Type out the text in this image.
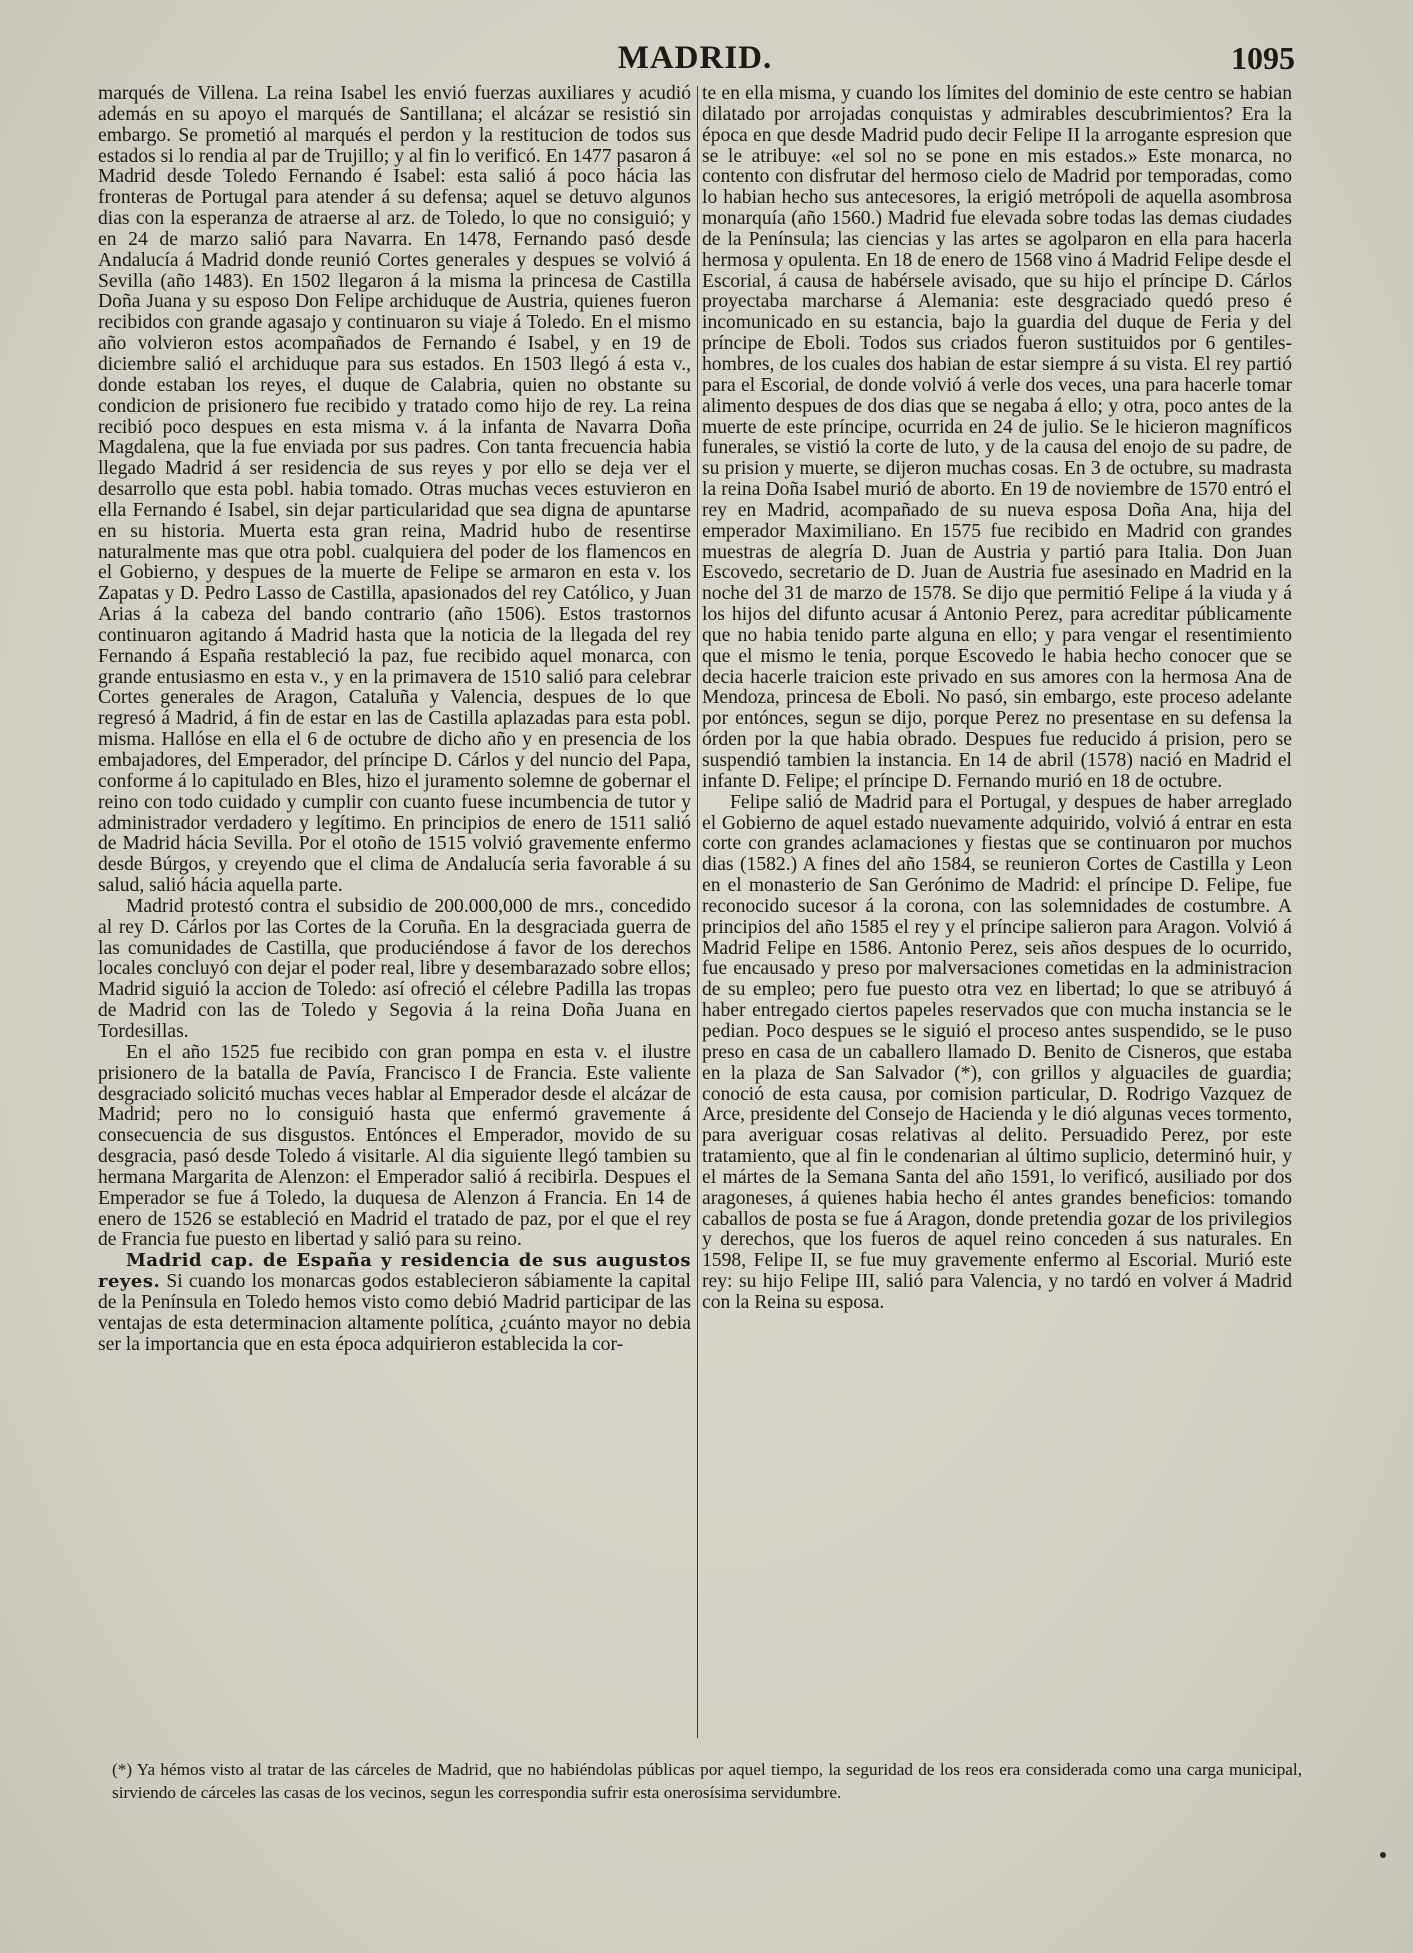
MADRID.	1095

marqués de Villena. La reina Isabel les envió fuerzas auxiliares y acudió además en su apoyo el marqués de Santillana; el alcázar se resistió sin embargo. Se prometió al marqués el perdon y la restitucion de todos sus estados si lo rendia al par de Trujillo; y al fin lo verificó. En 1477 pasaron á Madrid desde Toledo Fernando é Isabel: esta salió á poco hácia las fronteras de Portugal para atender á su defensa; aquel se detuvo algunos dias con la esperanza de atraerse al arz. de Toledo, lo que no consiguió; y en 24 de marzo salió para Navarra. En 1478, Fernando pasó desde Andalucía á Madrid donde reunió Cortes generales y despues se volvió á Sevilla (año 1483). En 1502 llegaron á la misma la princesa de Castilla Doña Juana y su esposo Don Felipe archiduque de Austria, quienes fueron recibidos con grande agasajo y continuaron su viaje á Toledo. En el mismo año volvieron estos acompañados de Fernando é Isabel, y en 19 de diciembre salió el archiduque para sus estados. En 1503 llegó á esta v., donde estaban los reyes, el duque de Calabria, quien no obstante su condicion de prisionero fue recibido y tratado como hijo de rey. La reina recibió poco despues en esta misma v. á la infanta de Navarra Doña Magdalena, que la fue enviada por sus padres. Con tanta frecuencia habia llegado Madrid á ser residencia de sus reyes y por ello se deja ver el desarrollo que esta pobl. habia tomado. Otras muchas veces estuvieron en ella Fernando é Isabel, sin dejar particularidad que sea digna de apuntarse en su historia. Muerta esta gran reina, Madrid hubo de resentirse naturalmente mas que otra pobl. cualquiera del poder de los flamencos en el Gobierno, y despues de la muerte de Felipe se armaron en esta v. los Zapatas y D. Pedro Lasso de Castilla, apasionados del rey Católico, y Juan Arias á la cabeza del bando contrario (año 1506). Estos trastornos continuaron agitando á Madrid hasta que la noticia de la llegada del rey Fernando á España restableció la paz, fue recibido aquel monarca, con grande entusiasmo en esta v., y en la primavera de 1510 salió para celebrar Cortes generales de Aragon, Cataluña y Valencia, despues de lo que regresó á Madrid, á fin de estar en las de Castilla aplazadas para esta pobl. misma. Hallóse en ella el 6 de octubre de dicho año y en presencia de los embajadores, del Emperador, del príncipe D. Cárlos y del nuncio del Papa, conforme á lo capitulado en Bles, hizo el juramento solemne de gobernar el reino con todo cuidado y cumplir con cuanto fuese incumbencia de tutor y administrador verdadero y legítimo. En principios de enero de 1511 salió de Madrid hácia Sevilla. Por el otoño de 1515 volvió gravemente enfermo desde Búrgos, y creyendo que el clima de Andalucía seria favorable á su salud, salió hácia aquella parte.

Madrid protestó contra el subsidio de 200.000,000 de mrs., concedido al rey D. Cárlos por las Cortes de la Coruña. En la desgraciada guerra de las comunidades de Castilla, que produciéndose á favor de los derechos locales concluyó con dejar el poder real, libre y desembarazado sobre ellos; Madrid siguió la accion de Toledo: así ofreció el célebre Padilla las tropas de Madrid con las de Toledo y Segovia á la reina Doña Juana en Tordesillas.

En el año 1525 fue recibido con gran pompa en esta v. el ilustre prisionero de la batalla de Pavía, Francisco I de Francia. Este valiente desgraciado solicitó muchas veces hablar al Emperador desde el alcázar de Madrid; pero no lo consiguió hasta que enfermó gravemente á consecuencia de sus disgustos. Entónces el Emperador, movido de su desgracia, pasó desde Toledo á visitarle. Al dia siguiente llegó tambien su hermana Margarita de Alenzon: el Emperador salió á recibirla. Despues el Emperador se fue á Toledo, la duquesa de Alenzon á Francia. En 14 de enero de 1526 se estableció en Madrid el tratado de paz, por el que el rey de Francia fue puesto en libertad y salió para su reino.

Madrid cap. de España y residencia de sus augustos reyes. Si cuando los monarcas godos establecieron sábiamente la capital de la Península en Toledo hemos visto como debió Madrid participar de las ventajas de esta determinacion altamente política, ¿cuánto mayor no debia ser la importancia que en esta época adquirieron establecida la cor-

te en ella misma, y cuando los límites del dominio de este centro se habian dilatado por arrojadas conquistas y admirables descubrimientos? Era la época en que desde Madrid pudo decir Felipe II la arrogante espresion que se le atribuye: «el sol no se pone en mis estados.» Este monarca, no contento con disfrutar del hermoso cielo de Madrid por temporadas, como lo habian hecho sus antecesores, la erigió metrópoli de aquella asombrosa monarquía (año 1560.) Madrid fue elevada sobre todas las demas ciudades de la Península; las ciencias y las artes se agolparon en ella para hacerla hermosa y opulenta. En 18 de enero de 1568 vino á Madrid Felipe desde el Escorial, á causa de habérsele avisado, que su hijo el príncipe D. Cárlos proyectaba marcharse á Alemania: este desgraciado quedó preso é incomunicado en su estancia, bajo la guardia del duque de Feria y del príncipe de Eboli. Todos sus criados fueron sustituidos por 6 gentiles-hombres, de los cuales dos habian de estar siempre á su vista. El rey partió para el Escorial, de donde volvió á verle dos veces, una para hacerle tomar alimento despues de dos dias que se negaba á ello; y otra, poco antes de la muerte de este príncipe, ocurrida en 24 de julio. Se le hicieron magníficos funerales, se vistió la corte de luto, y de la causa del enojo de su padre, de su prision y muerte, se dijeron muchas cosas. En 3 de octubre, su madrasta la reina Doña Isabel murió de aborto. En 19 de noviembre de 1570 entró el rey en Madrid, acompañado de su nueva esposa Doña Ana, hija del emperador Maximiliano. En 1575 fue recibido en Madrid con grandes muestras de alegría D. Juan de Austria y partió para Italia. Don Juan Escovedo, secretario de D. Juan de Austria fue asesinado en Madrid en la noche del 31 de marzo de 1578. Se dijo que permitió Felipe á la viuda y á los hijos del difunto acusar á Antonio Perez, para acreditar públicamente que no habia tenido parte alguna en ello; y para vengar el resentimiento que el mismo le tenia, porque Escovedo le habia hecho conocer que se decia hacerle traicion este privado en sus amores con la hermosa Ana de Mendoza, princesa de Eboli. No pasó, sin embargo, este proceso adelante por entónces, segun se dijo, porque Perez no presentase en su defensa la órden por la que habia obrado. Despues fue reducido á prision, pero se suspendió tambien la instancia. En 14 de abril (1578) nació en Madrid el infante D. Felipe; el príncipe D. Fernando murió en 18 de octubre.

Felipe salió de Madrid para el Portugal, y despues de haber arreglado el Gobierno de aquel estado nuevamente adquirido, volvió á entrar en esta corte con grandes aclamaciones y fiestas que se continuaron por muchos dias (1582.) A fines del año 1584, se reunieron Cortes de Castilla y Leon en el monasterio de San Gerónimo de Madrid: el príncipe D. Felipe, fue reconocido sucesor á la corona, con las solemnidades de costumbre. A principios del año 1585 el rey y el príncipe salieron para Aragon. Volvió á Madrid Felipe en 1586. Antonio Perez, seis años despues de lo ocurrido, fue encausado y preso por malversaciones cometidas en la administracion de su empleo; pero fue puesto otra vez en libertad; lo que se atribuyó á haber entregado ciertos papeles reservados que con mucha instancia se le pedian. Poco despues se le siguió el proceso antes suspendido, se le puso preso en casa de un caballero llamado D. Benito de Cisneros, que estaba en la plaza de San Salvador (*), con grillos y alguaciles de guardia; conoció de esta causa, por comision particular, D. Rodrigo Vazquez de Arce, presidente del Consejo de Hacienda y le dió algunas veces tormento, para averiguar cosas relativas al delito. Persuadido Perez, por este tratamiento, que al fin le condenarian al último suplicio, determinó huir, y el mártes de la Semana Santa del año 1591, lo verificó, ausiliado por dos aragoneses, á quienes habia hecho él antes grandes beneficios: tomando caballos de posta se fue á Aragon, donde pretendia gozar de los privilegios y derechos, que los fueros de aquel reino conceden á sus naturales. En 1598, Felipe II, se fue muy gravemente enfermo al Escorial. Murió este rey: su hijo Felipe III, salió para Valencia, y no tardó en volver á Madrid con la Reina su esposa.

(*) Ya hémos visto al tratar de las cárceles de Madrid, que no habiéndolas públicas por aquel tiempo, la seguridad de los reos era considerada como una carga municipal, sirviendo de cárceles las casas de los vecinos, segun les correspondia sufrir esta onerosísima servidumbre.
